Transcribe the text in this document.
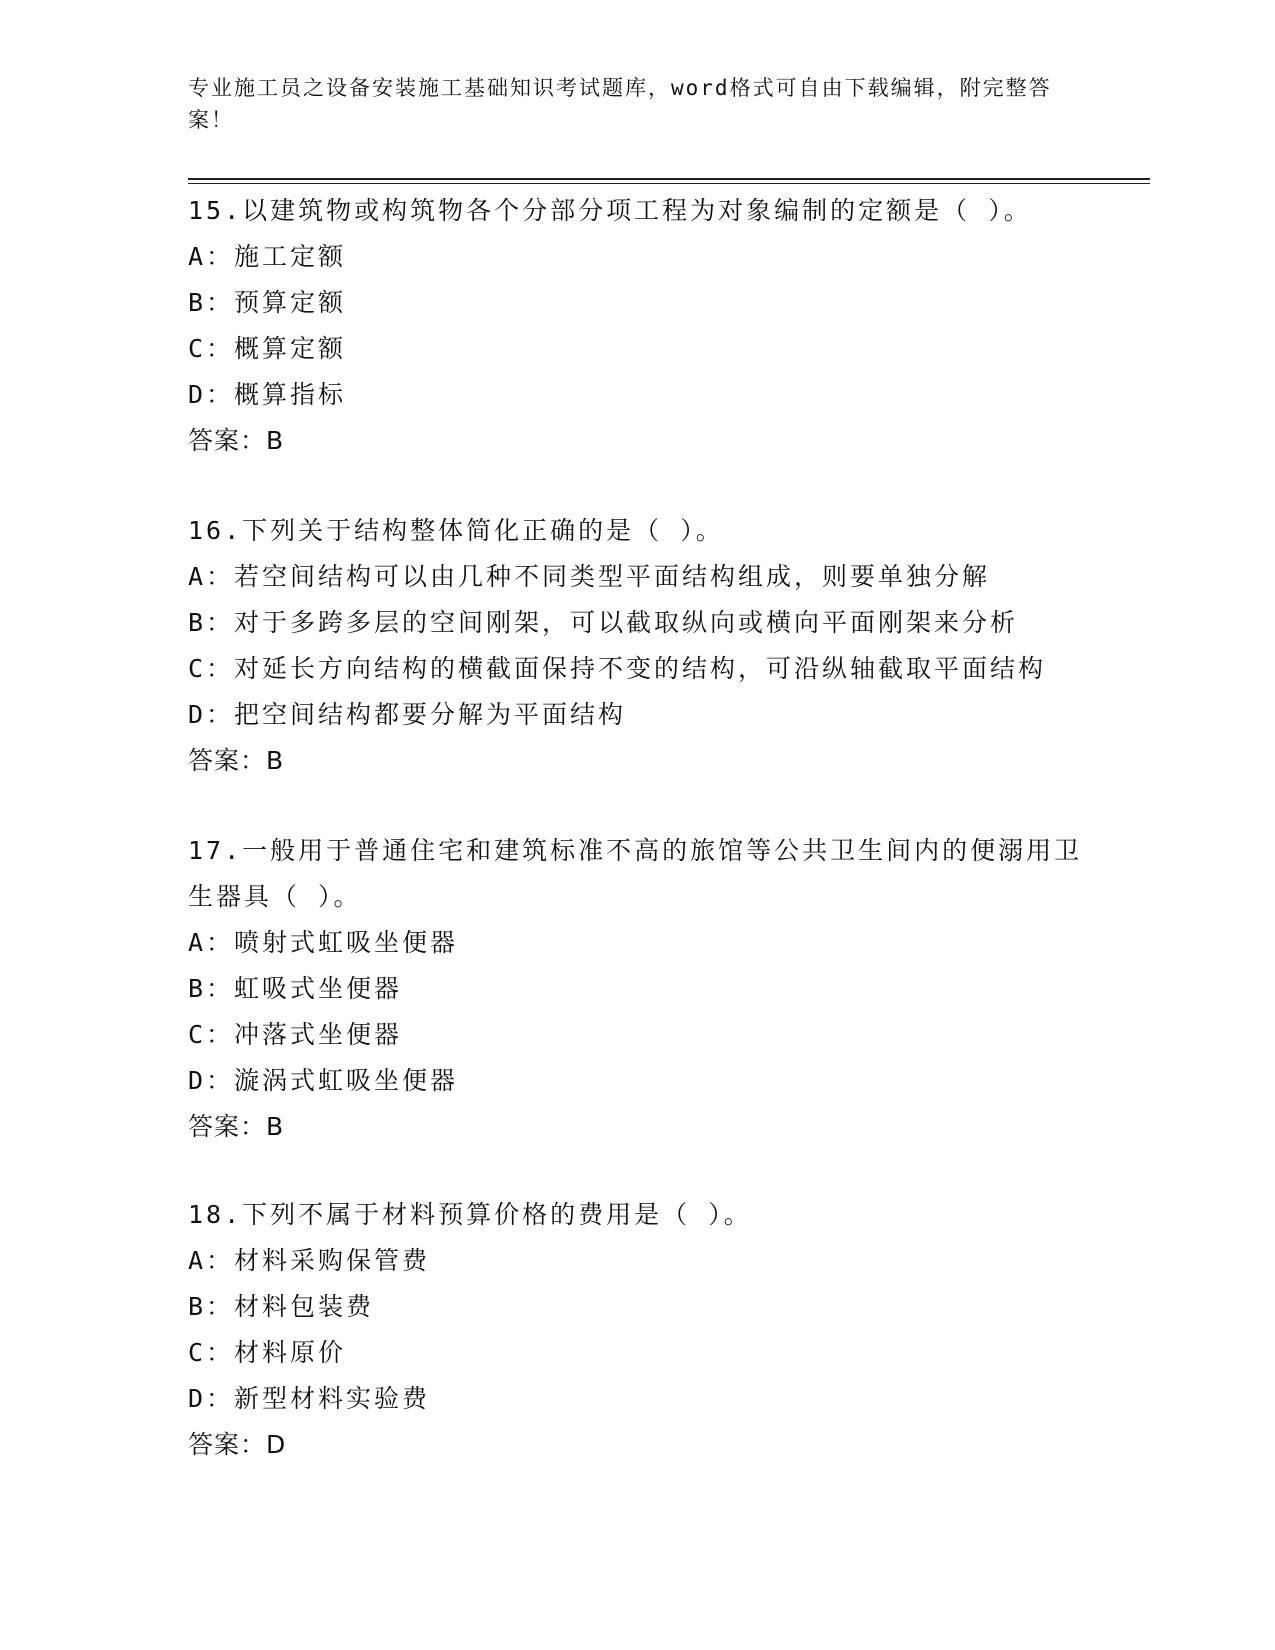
专业施工员之设备安装施工基础知识考试题库，word格式可自由下载编辑，附完整答案！
15.以建筑物或构筑物各个分部分项工程为对象编制的定额是（ ）。
A：施工定额
B：预算定额
C：概算定额
D：概算指标
答案：B
16.下列关于结构整体简化正确的是（ ）。
A：若空间结构可以由几种不同类型平面结构组成，则要单独分解
B：对于多跨多层的空间刚架，可以截取纵向或横向平面刚架来分析
C：对延长方向结构的横截面保持不变的结构，可沿纵轴截取平面结构
D：把空间结构都要分解为平面结构
答案：B
17.一般用于普通住宅和建筑标准不高的旅馆等公共卫生间内的便溺用卫生器具（ ）。
A：喷射式虹吸坐便器
B：虹吸式坐便器
C：冲落式坐便器
D：漩涡式虹吸坐便器
答案：B
18.下列不属于材料预算价格的费用是（ ）。
A：材料采购保管费
B：材料包装费
C：材料原价
D：新型材料实验费
答案：D
